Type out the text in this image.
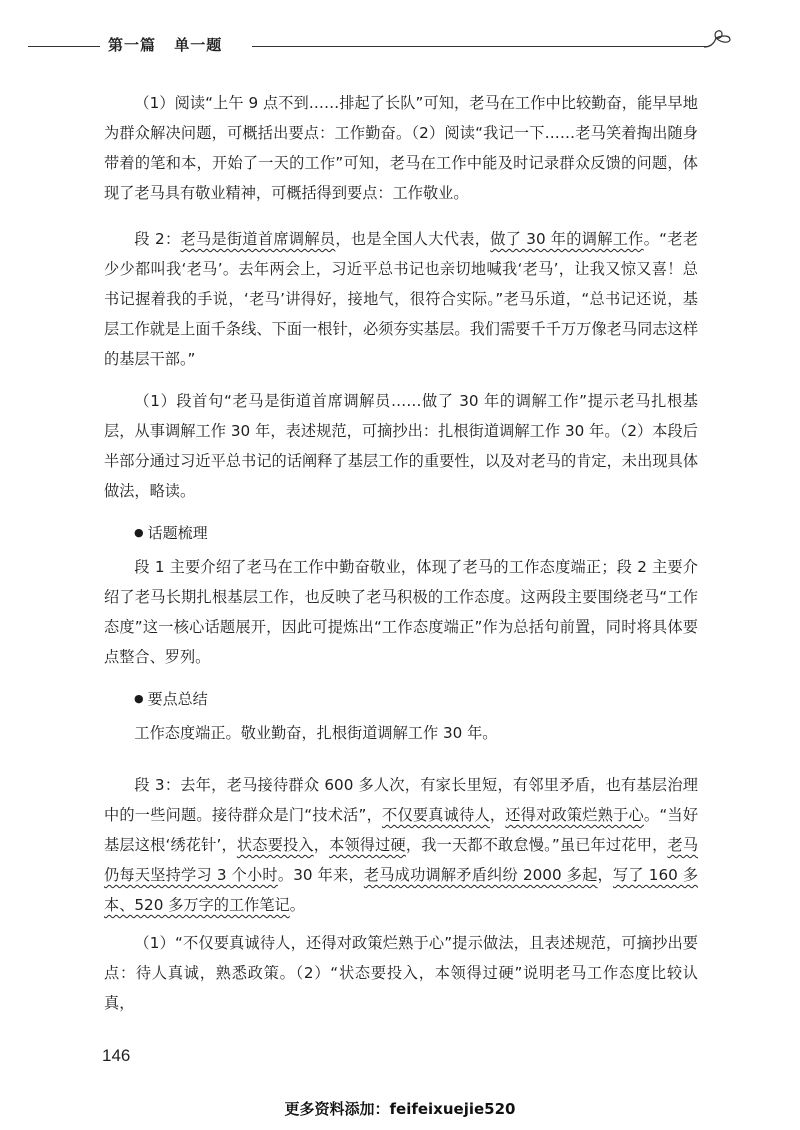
第一篇 单一题

（1）阅读“上午 9 点不到……排起了长队”可知，老马在工作中比较勤奋，能早早地为群众解决问题，可概括出要点：工作勤奋。（2）阅读“我记一下……老马笑着掏出随身带着的笔和本，开始了一天的工作”可知，老马在工作中能及时记录群众反馈的问题，体现了老马具有敬业精神，可概括得到要点：工作敬业。

段 2：老马是街道首席调解员，也是全国人大代表，做了 30 年的调解工作。“老老少少都叫我‘老马’。去年两会上，习近平总书记也亲切地喊我‘老马’，让我又惊又喜！总书记握着我的手说，‘老马’讲得好，接地气，很符合实际。”老马乐道，“总书记还说，基层工作就是上面千条线、下面一根针，必须夯实基层。我们需要千千万万像老马同志这样的基层干部。”

（1）段首句“老马是街道首席调解员……做了 30 年的调解工作”提示老马扎根基层，从事调解工作 30 年，表述规范，可摘抄出：扎根街道调解工作 30 年。（2）本段后半部分通过习近平总书记的话阐释了基层工作的重要性，以及对老马的肯定，未出现具体做法，略读。

● 话题梳理

段 1 主要介绍了老马在工作中勤奋敬业，体现了老马的工作态度端正；段 2 主要介绍了老马长期扎根基层工作，也反映了老马积极的工作态度。这两段主要围绕老马“工作态度”这一核心话题展开，因此可提炼出“工作态度端正”作为总括句前置，同时将具体要点整合、罗列。

● 要点总结

工作态度端正。敬业勤奋，扎根街道调解工作 30 年。

段 3：去年，老马接待群众 600 多人次，有家长里短，有邻里矛盾，也有基层治理中的一些问题。接待群众是门“技术活”，不仅要真诚待人，还得对政策烂熟于心。“当好基层这根‘绣花针’，状态要投入，本领得过硬，我一天都不敢怠慢。”虽已年过花甲，老马仍每天坚持学习 3 个小时。30 年来，老马成功调解矛盾纠纷 2000 多起，写了 160 多本、520 多万字的工作笔记。

（1）“不仅要真诚待人，还得对政策烂熟于心”提示做法，且表述规范，可摘抄出要点：待人真诚，熟悉政策。（2）“状态要投入，本领得过硬”说明老马工作态度比较认真，

146
更多资料添加：feifeixuejie520
